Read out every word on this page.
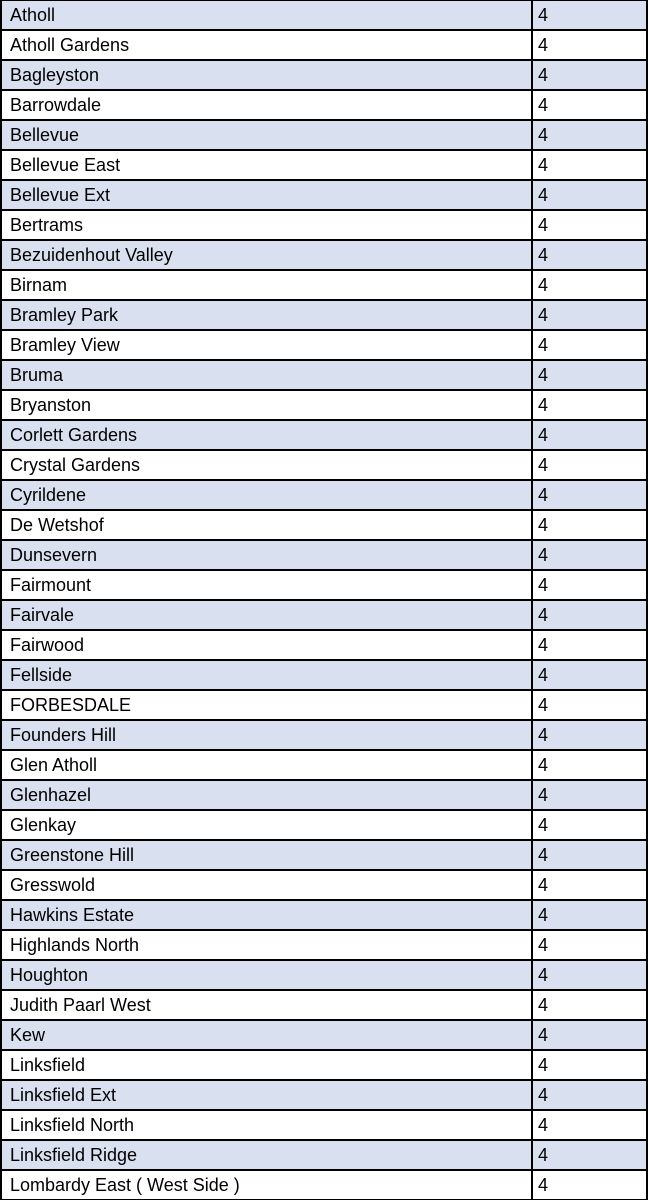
Atholl	4
Atholl Gardens	4
Bagleyston	4
Barrowdale	4
Bellevue	4
Bellevue East	4
Bellevue Ext	4
Bertrams	4
Bezuidenhout Valley	4
Birnam	4
Bramley Park	4
Bramley View	4
Bruma	4
Bryanston	4
Corlett Gardens	4
Crystal Gardens	4
Cyrildene	4
De Wetshof	4
Dunsevern	4
Fairmount	4
Fairvale	4
Fairwood	4
Fellside	4
FORBESDALE	4
Founders Hill	4
Glen Atholl	4
Glenhazel	4
Glenkay	4
Greenstone Hill	4
Gresswold	4
Hawkins Estate	4
Highlands North	4
Houghton	4
Judith Paarl West	4
Kew	4
Linksfield	4
Linksfield Ext	4
Linksfield North	4
Linksfield Ridge	4
Lombardy East ( West Side )	4
